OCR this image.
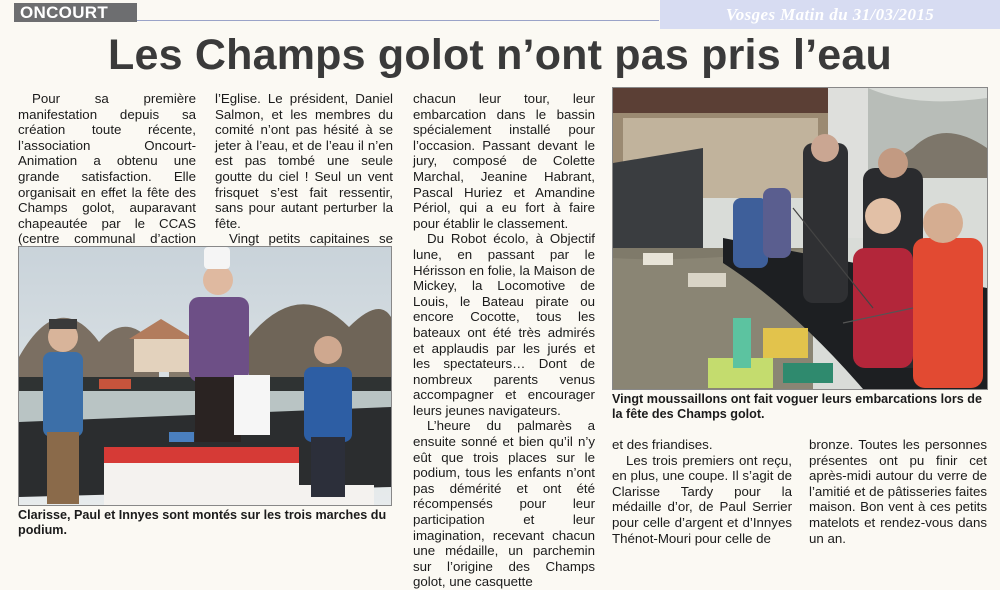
ONCOURT	Vosges Matin du 31/03/2015
Les Champs golot n’ont pas pris l’eau

Pour sa première manifestation depuis sa création toute récente, l’association Oncourt-Animation a obtenu une grande satisfaction. Elle organisait en effet la fête des Champs golot, auparavant chapeautée par le CCAS (centre communal d’action

l’Eglise. Le président, Daniel Salmon, et les membres du comité n’ont pas hésité à se jeter à l’eau, et de l’eau il n’en est pas tombé une seule goutte du ciel ! Seul un vent frisquet s’est fait ressentir, sans pour autant perturber la fête.

Vingt petits capitaines se

chacun leur tour, leur embarcation dans le bassin spécialement installé pour l’occasion. Passant devant le jury, composé de Colette Marchal, Jeanine Habrant, Pascal Huriez et Amandine Périol, qui a eu fort à faire pour établir le classement.

Du Robot écolo, à Objectif lune, en passant par le Hérisson en folie, la Maison de Mickey, la Locomotive de Louis, le Bateau pirate ou encore Cocotte, tous les bateaux ont été très admirés et applaudis par les jurés et les spectateurs… Dont de nombreux parents venus accompagner et encourager leurs jeunes navigateurs.

L’heure du palmarès a ensuite sonné et bien qu’il n’y eût que trois places sur le podium, tous les enfants n’ont pas démérité et ont été récompensés pour leur participation et leur imagination, recevant chacun une médaille, un parchemin sur l’origine des Champs golot, une casquette

et des friandises.

Les trois premiers ont reçu, en plus, une coupe. Il s’agit de Clarisse Tardy pour la médaille d’or, de Paul Serrier pour celle d’argent et d’Innyes Thénot-Mouri pour celle de

bronze. Toutes les personnes présentes ont pu finir cet après-midi autour du verre de l’amitié et de pâtisseries faites maison. Bon vent à ces petits matelots et rendez-vous dans un an.

Clarisse, Paul et Innyes sont montés sur les trois marches du podium.
Vingt moussaillons ont fait voguer leurs embarcations lors de la fête des Champs golot.
